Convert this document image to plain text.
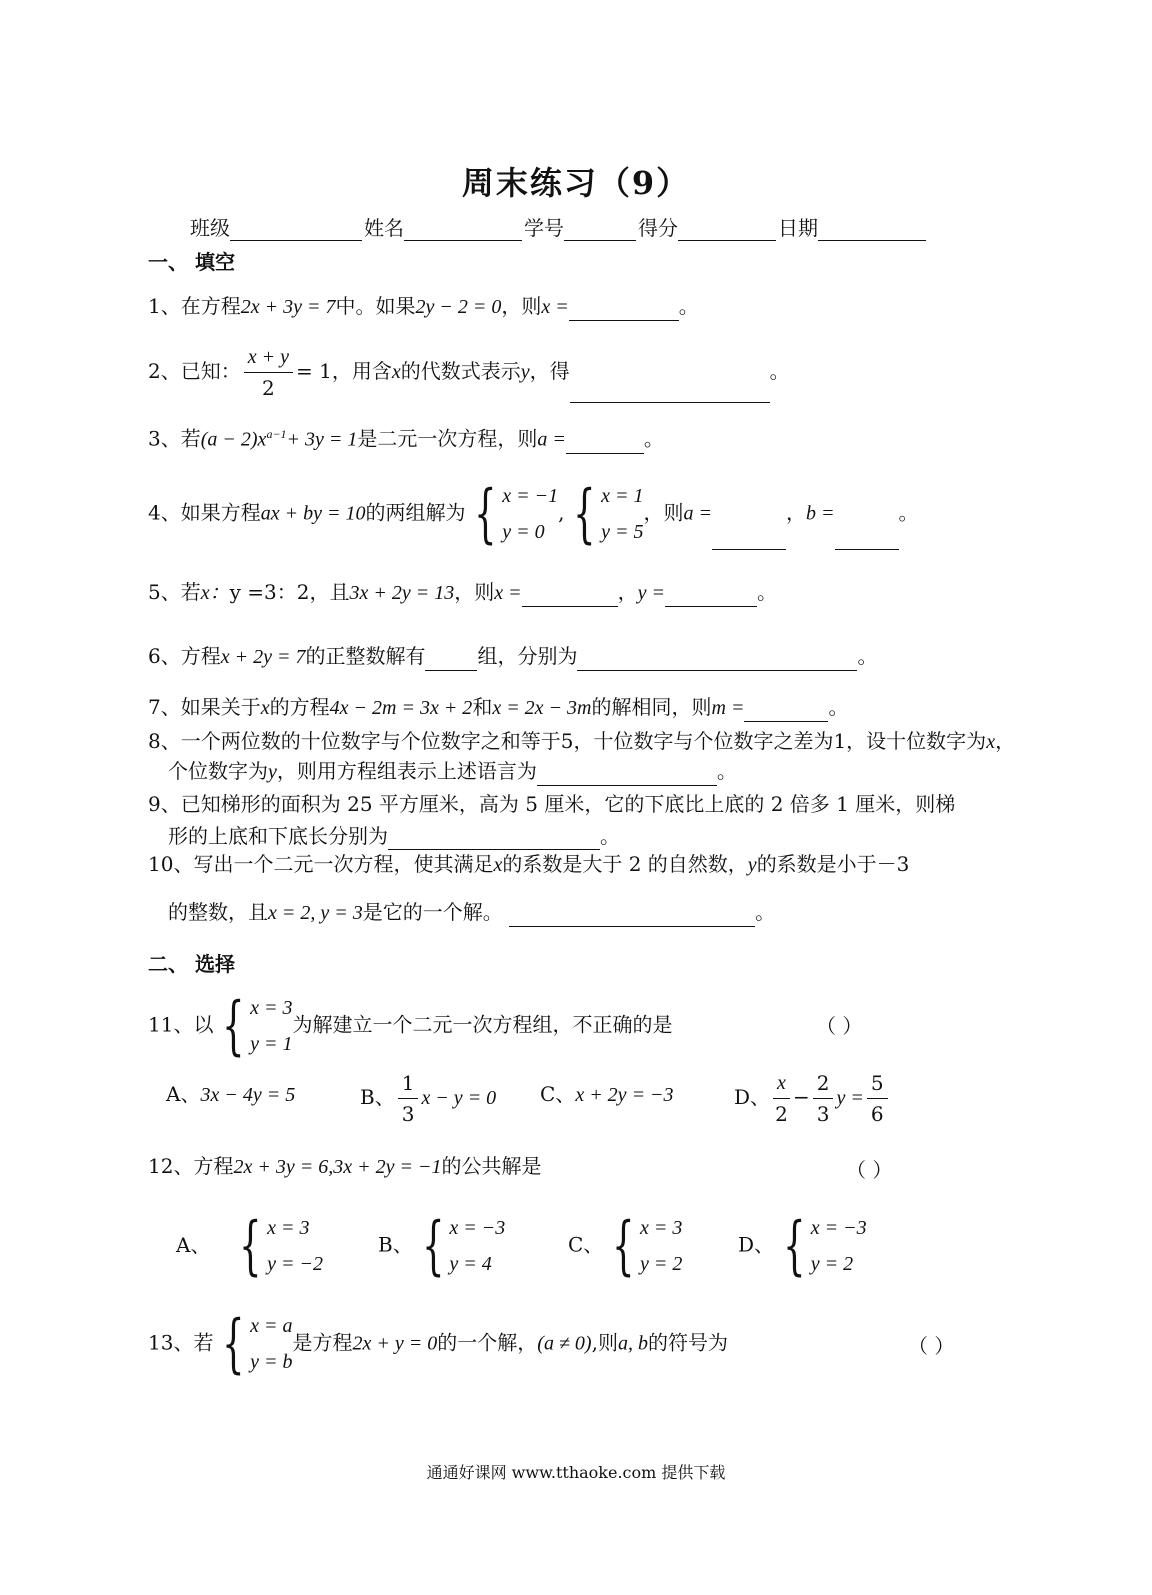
周末练习（9）
班级	姓名	学号	得分	日期
一、 填空
1、在方程2x + 3y = 7中。如果2y − 2 = 0，则x =	。
2、已知： $\frac{x + y}{2} = 1$，用含x的代数式表示y，得	。
3、若$(a - 2)x^{a-1}+ 3y = 1$是二元一次方程，则a =	。
4、如果方程ax + by = 10的两组解为 { x = −1
y = 0
, { x = 1
y = 5
，则a =	，b =	。
5、若x：y =3：2，且3x + 2y = 13，则x =	，y =	。
6、方程x + 2y = 7的正整数解有	组，分别为	。
7、如果关于x的方程4x − 2m = 3x + 2和x = 2x − 3m的解相同，则m =	。
8、一个两位数的十位数字与个位数字之和等于5，十位数字与个位数字之差为1，设十位数字为x，
个位数字为y，则用方程组表示上述语言为	。
9、已知梯形的面积为 25 平方厘米，高为 5 厘米，它的下底比上底的 2 倍多 1 厘米，则梯
形的上底和下底长分别为	。
10、写出一个二元一次方程，使其满足x的系数是大于 2 的自然数，y的系数是小于－3
的整数，且x = 2, y = 3是它的一个解。	。
二、 选择
11、以 { x = 3
y = 1
为解建立一个二元一次方程组，不正确的是	（ ）
A、3x − 4y = 5	B、 $\frac{1}{3}$ x − y = 0 C、x + 2y = −3	D、 $\frac{x}{2} - \frac{2}{3}$ $y = \frac{5}{6}$
12、方程2x + 3y = 6,3x + 2y = −1的公共解是	（ ）
A、 { x = 3
y = −2
B、 { x = −3
y = 4
C、 { x = 3
y = 2
D、 { x = −3
y = 2
13、若 { x = a
y = b
是方程2x + y = 0的一个解，(a ≠ 0),则a, b的符号为	（ ）
通通好课网 www.tthaoke.com 提供下载
